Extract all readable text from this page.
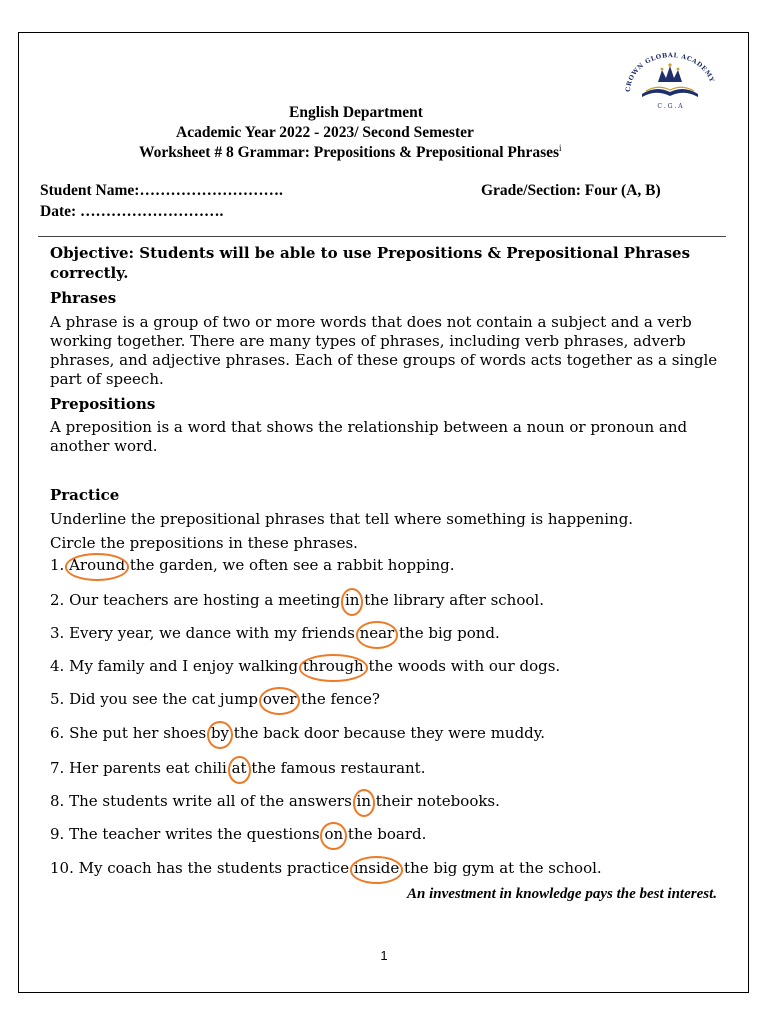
CROWN GLOBAL ACADEMY
C . G . A
English Department
Academic Year 2022 - 2023/ Second Semester
Worksheet # 8 Grammar: Prepositions & Prepositional Phrases$^i$
Student Name:……………………….	Grade/Section: Four (A, B)
Date: ……………………….
Objective: Students will be able to use Prepositions & Prepositional Phrases
correctly.
Phrases
A phrase is a group of two or more words that does not contain a subject and a verb
working together. There are many types of phrases, including verb phrases, adverb
phrases, and adjective phrases. Each of these groups of words acts together as a single
part of speech.
Prepositions
A preposition is a word that shows the relationship between a noun or pronoun and
another word.
Practice
Underline the prepositional phrases that tell where something is happening.
Circle the prepositions in these phrases.
1. Around the garden, we often see a rabbit hopping.
2. Our teachers are hosting a meeting in the library after school.
3. Every year, we dance with my friends near the big pond.
4. My family and I enjoy walking through the woods with our dogs.
5. Did you see the cat jump over the fence?
6. She put her shoes by the back door because they were muddy.
7. Her parents eat chili at the famous restaurant.
8. The students write all of the answers in their notebooks.
9. The teacher writes the questions on the board.
10. My coach has the students practice inside the big gym at the school.
An investment in knowledge pays the best interest.
1
